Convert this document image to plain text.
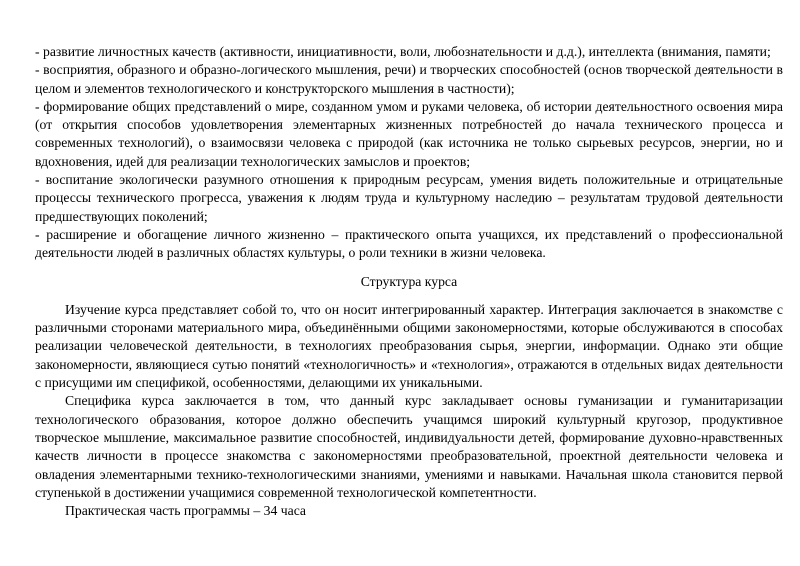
- развитие личностных качеств (активности, инициативности, воли, любознательности и д.д.), интеллекта (внимания, памяти;

- восприятия, образного и образно-логического мышления, речи) и творческих способностей (основ творческой деятельности в целом и элементов технологического и конструкторского мышления в частности);

- формирование общих представлений о мире, созданном умом и руками человека, об истории деятельностного освоения мира (от открытия способов удовлетворения элементарных жизненных потребностей до начала технического процесса и современных технологий), о взаимосвязи человека с природой (как источника не только сырьевых ресурсов, энергии, но и вдохновения, идей для реализации технологических замыслов и проектов;

- воспитание экологически разумного отношения к природным ресурсам, умения видеть положительные и отрицательные процессы технического прогресса, уважения к людям труда и культурному наследию – результатам трудовой деятельности предшествующих поколений;

- расширение и обогащение личного жизненно – практического опыта учащихся, их представлений о профессиональной деятельности людей в различных областях культуры, о роли техники в жизни человека.

Структура курса

Изучение курса представляет собой то, что он носит интегрированный характер. Интеграция заключается в знакомстве с различными сторонами материального мира, объединёнными общими закономерностями, которые обслуживаются в способах реализации человеческой деятельности, в технологиях преобразования сырья, энергии, информации. Однако эти общие закономерности, являющиеся сутью понятий «технологичность» и «технология», отражаются в отдельных видах деятельности с присущими им спецификой, особенностями, делающими их уникальными.

Специфика курса заключается в том, что данный курс закладывает основы гуманизации и гуманитаризации технологического образования, которое должно обеспечить учащимся широкий культурный кругозор, продуктивное творческое мышление, максимальное развитие способностей, индивидуальности детей, формирование духовно-нравственных качеств личности в процессе знакомства с закономерностями преобразовательной, проектной деятельности человека и овладения элементарными технико-технологическими знаниями, умениями и навыками. Начальная школа становится первой ступенькой в достижении учащимися современной технологической компетентности.

Практическая часть программы – 34 часа
